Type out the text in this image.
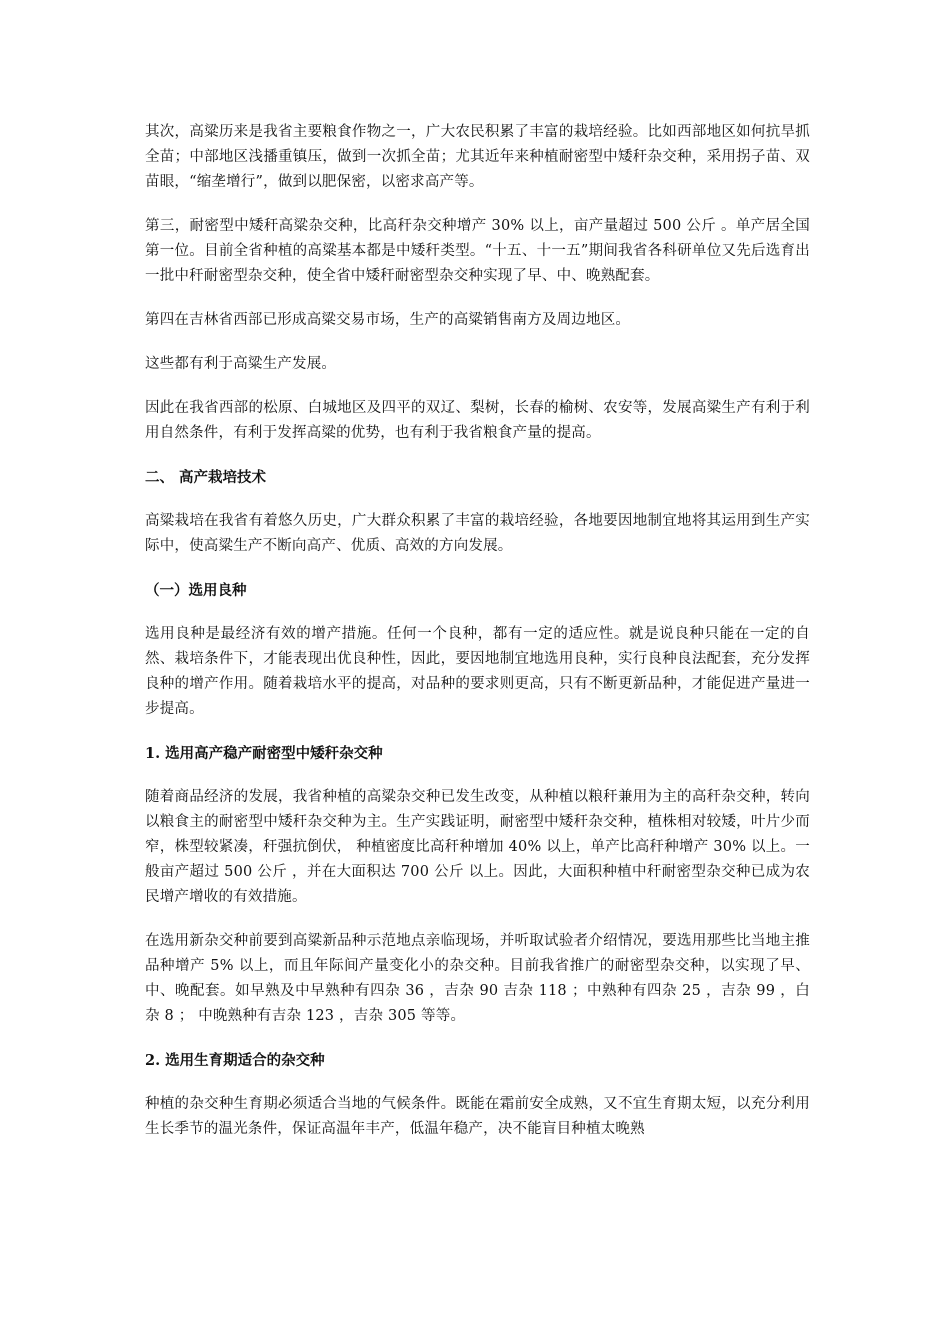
其次，高粱历来是我省主要粮食作物之一，广大农民积累了丰富的栽培经验。比如西部地区如何抗旱抓全苗；中部地区浅播重镇压，做到一次抓全苗；尤其近年来种植耐密型中矮秆杂交种，采用拐子苗、双苗眼，“缩垄增行”，做到以肥保密，以密求高产等。

第三，耐密型中矮秆高粱杂交种，比高秆杂交种增产 30% 以上，亩产量超过 500 公斤 。单产居全国第一位。目前全省种植的高粱基本都是中矮秆类型。“十五、十一五”期间我省各科研单位又先后选育出一批中秆耐密型杂交种，使全省中矮秆耐密型杂交种实现了早、中、晚熟配套。

第四在吉林省西部已形成高粱交易市场，生产的高粱销售南方及周边地区。

这些都有利于高粱生产发展。

因此在我省西部的松原、白城地区及四平的双辽、梨树，长春的榆树、农安等，发展高粱生产有利于利用自然条件，有利于发挥高粱的优势，也有利于我省粮食产量的提高。

二、 高产栽培技术

高粱栽培在我省有着悠久历史，广大群众积累了丰富的栽培经验，各地要因地制宜地将其运用到生产实际中，使高粱生产不断向高产、优质、高效的方向发展。

（一）选用良种

选用良种是最经济有效的增产措施。任何一个良种，都有一定的适应性。就是说良种只能在一定的自然、栽培条件下，才能表现出优良种性，因此，要因地制宜地选用良种，实行良种良法配套，充分发挥良种的增产作用。随着栽培水平的提高，对品种的要求则更高，只有不断更新品种，才能促进产量进一步提高。

1. 选用高产稳产耐密型中矮秆杂交种

随着商品经济的发展，我省种植的高粱杂交种已发生改变，从种植以粮秆兼用为主的高秆杂交种，转向以粮食主的耐密型中矮秆杂交种为主。生产实践证明，耐密型中矮秆杂交种，植株相对较矮，叶片少而窄，株型较紧凑，秆强抗倒伏， 种植密度比高秆种增加 40% 以上，单产比高秆种增产 30% 以上。一般亩产超过 500 公斤 ，并在大面积达 700 公斤 以上。因此，大面积种植中秆耐密型杂交种已成为农民增产增收的有效措施。

在选用新杂交种前要到高粱新品种示范地点亲临现场，并听取试验者介绍情况，要选用那些比当地主推品种增产 5% 以上，而且年际间产量变化小的杂交种。目前我省推广的耐密型杂交种，以实现了早、中、晚配套。如早熟及中早熟种有四杂 36 ，吉杂 90 吉杂 118 ；中熟种有四杂 25 ，吉杂 99 ，白杂 8 ； 中晚熟种有吉杂 123 ，吉杂 305 等等。

2. 选用生育期适合的杂交种

种植的杂交种生育期必须适合当地的气候条件。既能在霜前安全成熟，又不宜生育期太短，以充分利用生长季节的温光条件，保证高温年丰产，低温年稳产，决不能盲目种植太晚熟
